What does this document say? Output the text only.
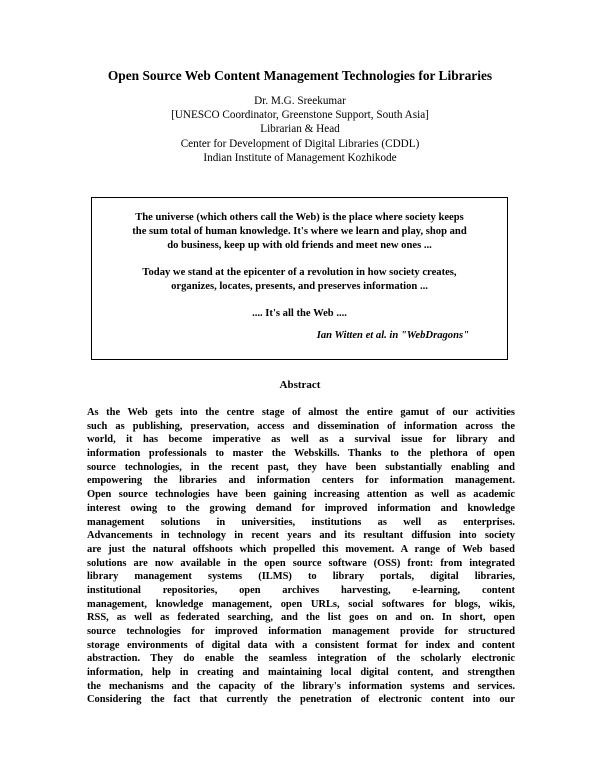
Open Source Web Content Management Technologies for Libraries
Dr. M.G. Sreekumar
[UNESCO Coordinator, Greenstone Support, South Asia]
Librarian & Head
Center for Development of Digital Libraries (CDDL)
Indian Institute of Management Kozhikode
The universe (which others call the Web) is the place where society keeps
the sum total of human knowledge. It's where we learn and play, shop and
do business, keep up with old friends and meet new ones ...
Today we stand at the epicenter of a revolution in how society creates,
organizes, locates, presents, and preserves information ...
.... It's all the Web ....
Ian Witten et al. in "WebDragons"
Abstract
As the Web gets into the centre stage of almost the entire gamut of our activities
such as publishing, preservation, access and dissemination of information across the
world, it has become imperative as well as a survival issue for library and
information professionals to master the Webskills. Thanks to the plethora of open
source technologies, in the recent past, they have been substantially enabling and
empowering the libraries and information centers for information management.
Open source technologies have been gaining increasing attention as well as academic
interest owing to the growing demand for improved information and knowledge
management solutions in universities, institutions as well as enterprises.
Advancements in technology in recent years and its resultant diffusion into society
are just the natural offshoots which propelled this movement. A range of Web based
solutions are now available in the open source software (OSS) front: from integrated
library management systems (ILMS) to library portals, digital libraries,
institutional repositories, open archives harvesting, e-learning, content
management, knowledge management, open URLs, social softwares for blogs, wikis,
RSS, as well as federated searching, and the list goes on and on. In short, open
source technologies for improved information management provide for structured
storage environments of digital data with a consistent format for index and content
abstraction. They do enable the seamless integration of the scholarly electronic
information, help in creating and maintaining local digital content, and strengthen
the mechanisms and the capacity of the library's information systems and services.
Considering the fact that currently the penetration of electronic content into our
